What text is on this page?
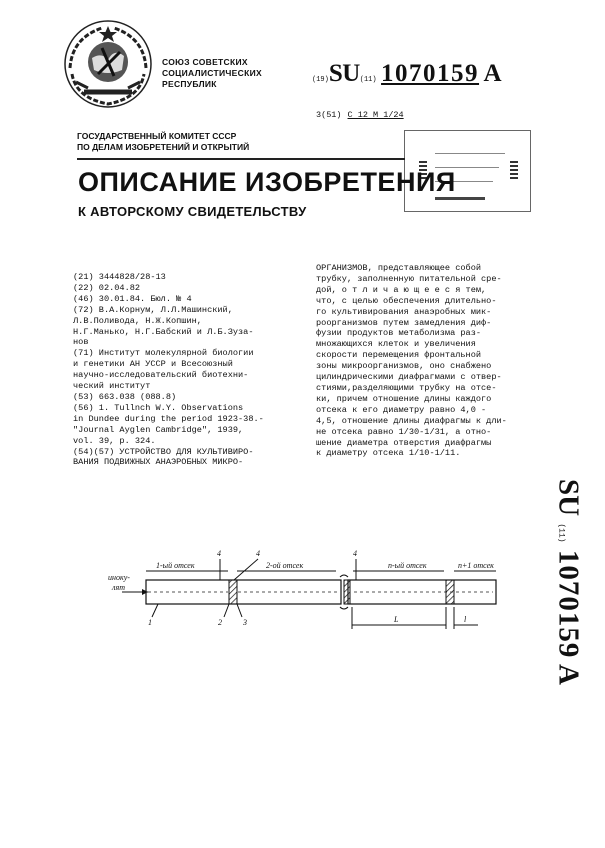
СОЮЗ СОВЕТСКИХ
СОЦИАЛИСТИЧЕСКИХ
РЕСПУБЛИК	(19)SU(11) 1070159 A
3(51) C 12 M 1/24
ГОСУДАРСТВЕННЫЙ КОМИТЕТ СССР
ПО ДЕЛАМ ИЗОБРЕТЕНИЙ И ОТКРЫТИЙ
ОПИСАНИЕ ИЗОБРЕТЕНИЯ
К АВТОРСКОМУ СВИДЕТЕЛЬСТВУ
(21) 3444828/28-13
(22) 02.04.82
(46) 30.01.84. Бюл. № 4
(72) В.А.Корнум, Л.Л.Машинский,
Л.В.Поливода, Н.Ж.Копшин,
Н.Г.Манько, Н.Г.Бабский и Л.Б.Зуза-
нов
(71) Институт молекулярной биологии
и генетики АН УССР и Всесоюзный
научно-исследовательский биотехни-
ческий институт
(53) 663.038 (088.8)
(56) 1. Tullnch W.Y. Observations
in Dundee during the period 1923-38.-
"Journal Ayglen Cambridge", 1939,
vol. 39, p. 324.
(54)(57) УСТРОЙСТВО ДЛЯ КУЛЬТИВИРО-
ВАНИЯ ПОДВИЖНЫХ АНАЭРОБНЫХ МИКРО-
ОРГАНИЗМОВ, представляющее собой
трубку, заполненную питательной сре-
дой, о т л и ч а ю щ е е с я тем,
что, с целью обеспечения длительно-
го культивирования анаэробных мик-
роорганизмов путем замедления диф-
фузии продуктов метаболизма раз-
множающихся клеток и увеличения
скорости перемещения фронтальной
зоны микроорганизмов, оно снабжено
цилиндрическими диафрагмами с отвер-
стиями,разделяющими трубку на отсе-
ки, причем отношение длины каждого
отсека к его диаметру равно 4,0 -
4,5, отношение длины диафрагмы к дли-
не отсека равно 1/30-1/31, а отно-
шение диаметра отверстия диафрагмы
к диаметру отсека 1/10-1/11.
SU (11) 1070159 A
1-ый отсек	2-ой отсек	n-ый отсек	n+1 отсек
иноку-
лят
4	4	4
1	2	3	L	l
